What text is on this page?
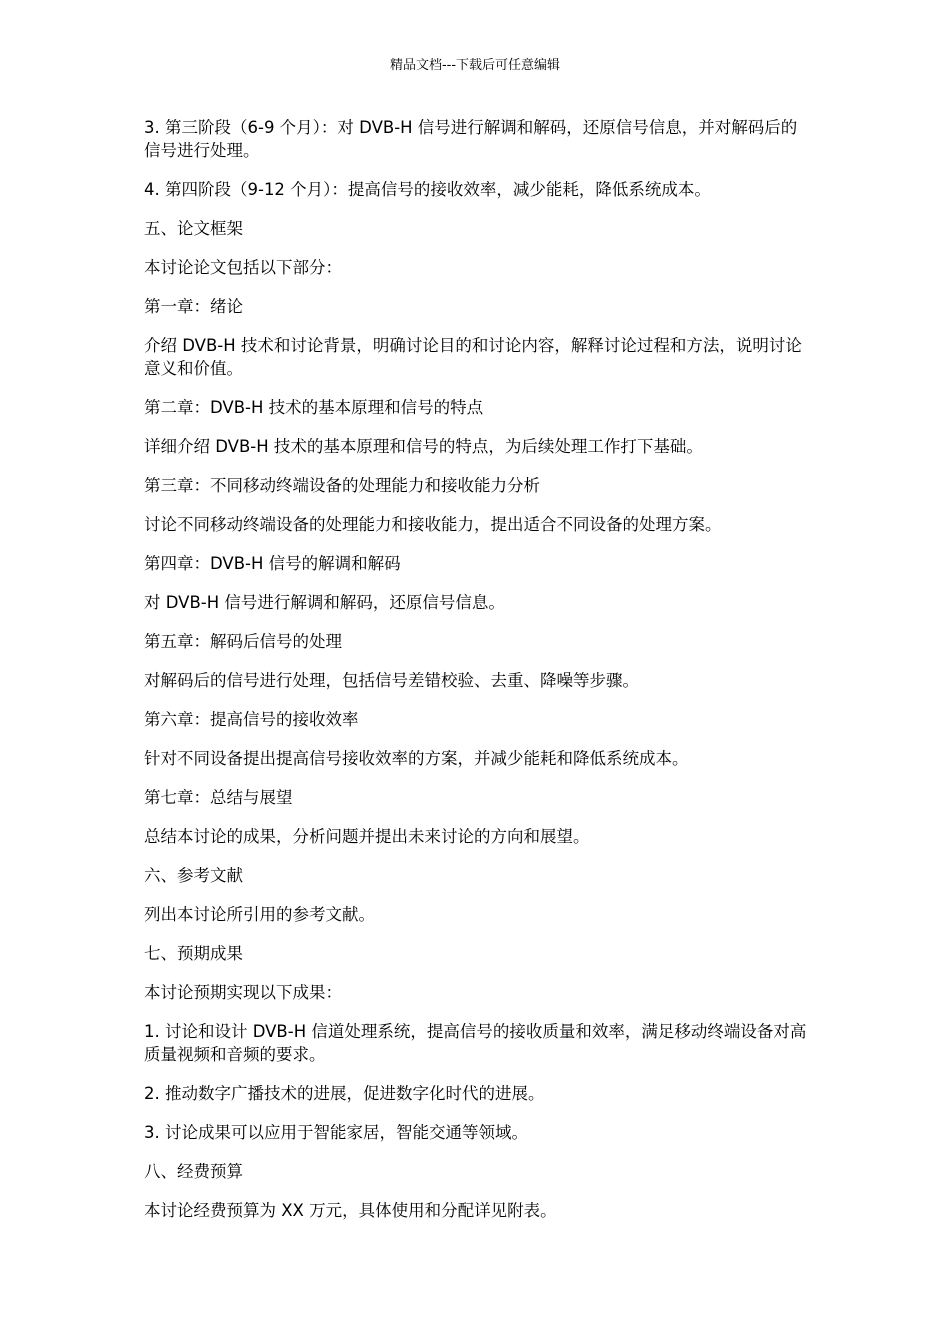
精品文档---下载后可任意编辑

3. 第三阶段（6-9 个月）：对 DVB-H 信号进行解调和解码，还原信号信息，并对解码后的信号进行处理。

4. 第四阶段（9-12 个月）：提高信号的接收效率，减少能耗，降低系统成本。

五、论文框架

本讨论论文包括以下部分：

第一章：绪论

介绍 DVB-H 技术和讨论背景，明确讨论目的和讨论内容，解释讨论过程和方法，说明讨论意义和价值。

第二章：DVB-H 技术的基本原理和信号的特点

详细介绍 DVB-H 技术的基本原理和信号的特点，为后续处理工作打下基础。

第三章：不同移动终端设备的处理能力和接收能力分析

讨论不同移动终端设备的处理能力和接收能力，提出适合不同设备的处理方案。

第四章：DVB-H 信号的解调和解码

对 DVB-H 信号进行解调和解码，还原信号信息。

第五章：解码后信号的处理

对解码后的信号进行处理，包括信号差错校验、去重、降噪等步骤。

第六章：提高信号的接收效率

针对不同设备提出提高信号接收效率的方案，并减少能耗和降低系统成本。

第七章：总结与展望

总结本讨论的成果，分析问题并提出未来讨论的方向和展望。

六、参考文献

列出本讨论所引用的参考文献。

七、预期成果

本讨论预期实现以下成果：

1. 讨论和设计 DVB-H 信道处理系统，提高信号的接收质量和效率，满足移动终端设备对高质量视频和音频的要求。

2. 推动数字广播技术的进展，促进数字化时代的进展。

3. 讨论成果可以应用于智能家居，智能交通等领域。

八、经费预算

本讨论经费预算为 XX 万元，具体使用和分配详见附表。
